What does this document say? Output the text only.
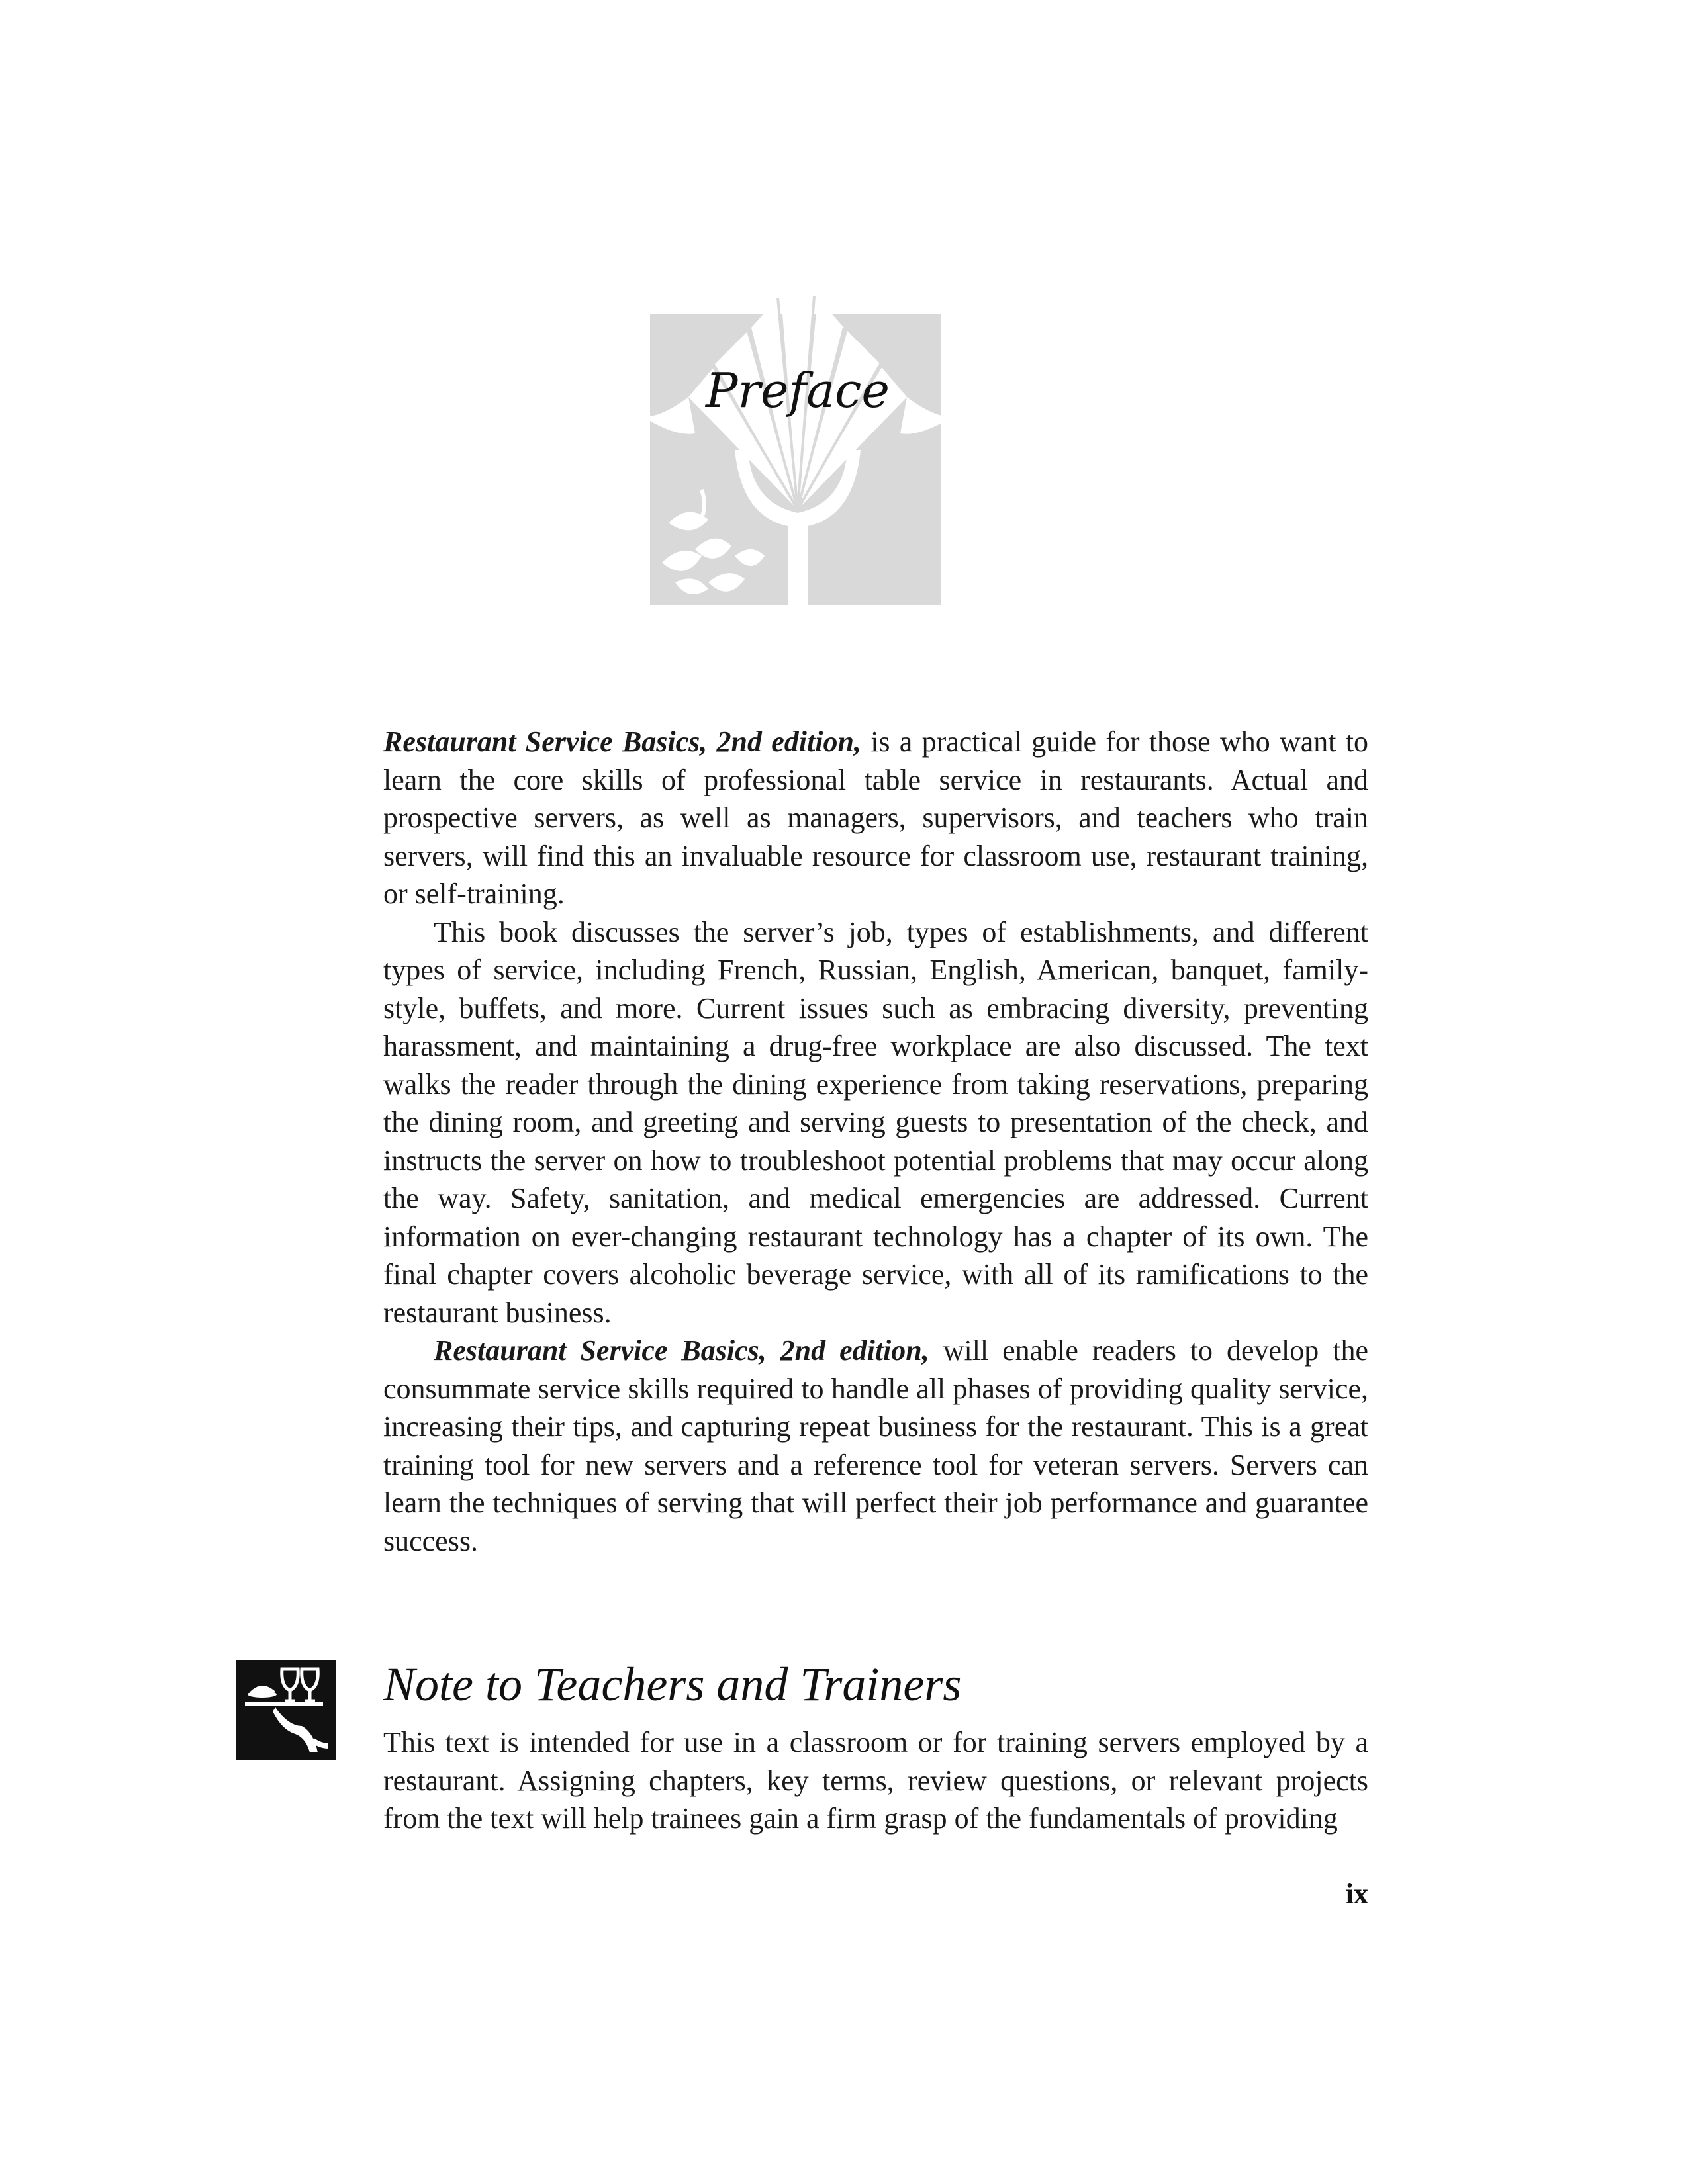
Preface

Restaurant Service Basics, 2nd edition, is a practical guide for those who want to learn the core skills of professional table service in restaurants. Actual and prospective servers, as well as managers, supervisors, and teachers who train servers, will find this an invaluable resource for classroom use, restaurant training, or self-training.

This book discusses the server’s job, types of establishments, and different types of service, including French, Russian, English, American, banquet, family-style, buffets, and more. Current issues such as embracing diversity, preventing harassment, and maintaining a drug-free workplace are also discussed. The text walks the reader through the dining experience from taking reservations, preparing the dining room, and greeting and serving guests to presentation of the check, and instructs the server on how to troubleshoot potential problems that may occur along the way. Safety, sanitation, and medical emergencies are addressed. Current information on ever-changing restaurant technology has a chapter of its own. The final chapter covers alcoholic beverage service, with all of its ramifications to the restaurant business.

Restaurant Service Basics, 2nd edition, will enable readers to develop the consummate service skills required to handle all phases of providing quality service, increasing their tips, and capturing repeat business for the restaurant. This is a great training tool for new servers and a reference tool for veteran servers. Servers can learn the techniques of serving that will perfect their job performance and guarantee success.

Note to Teachers and Trainers

This text is intended for use in a classroom or for training servers employed by a restaurant. Assigning chapters, key terms, review questions, or relevant projects from the text will help trainees gain a firm grasp of the fundamentals of providing

ix
